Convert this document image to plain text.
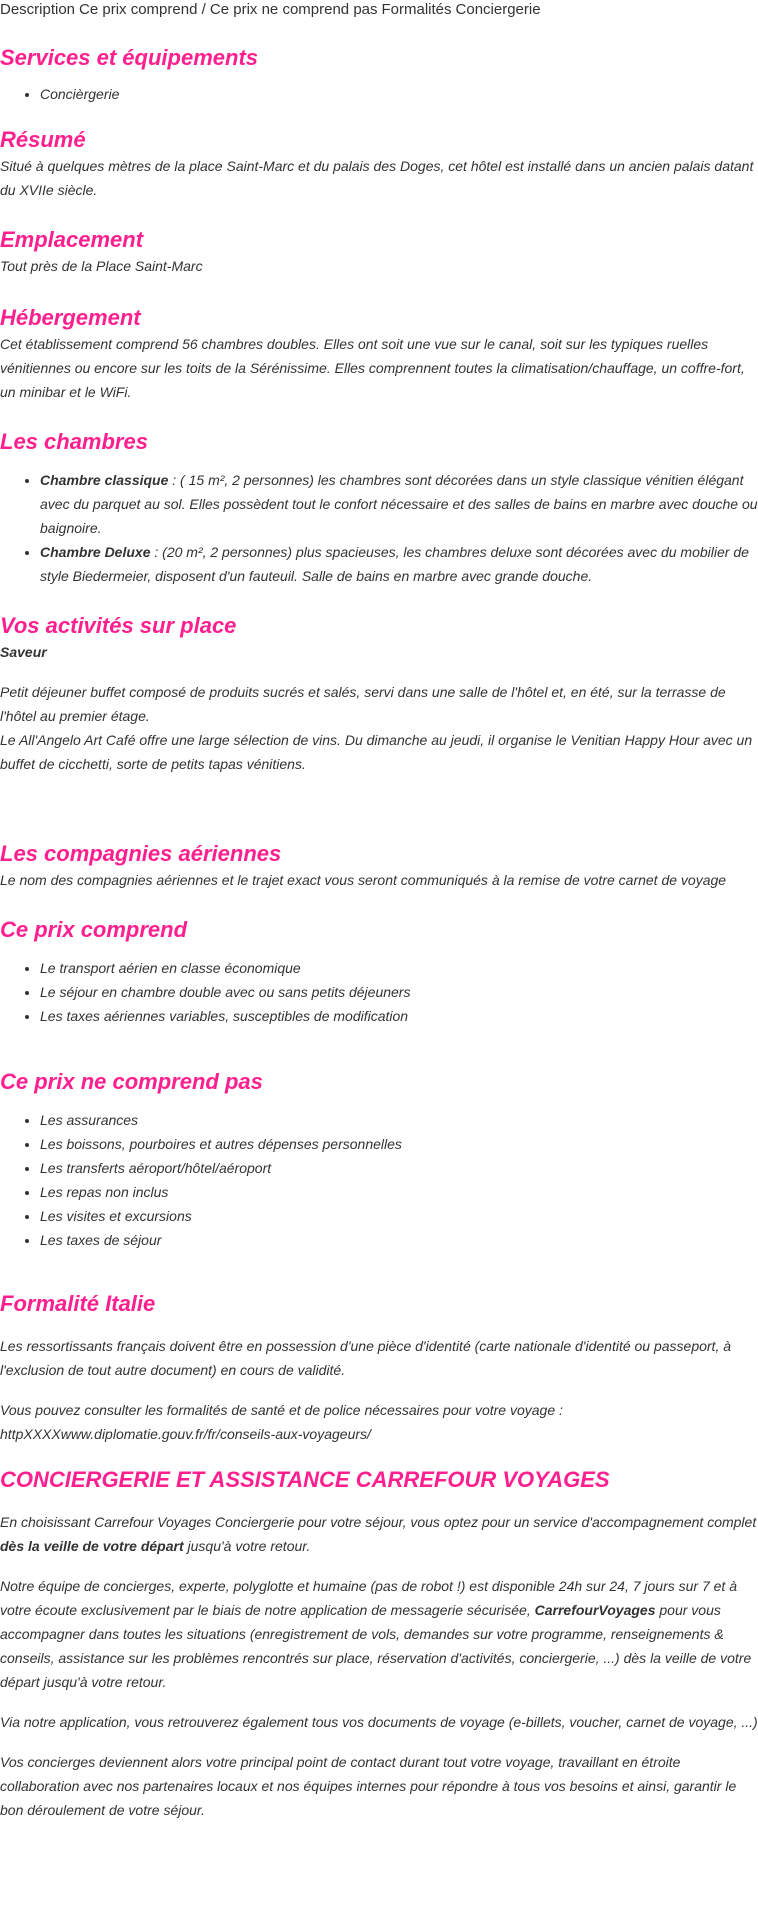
Description Ce prix comprend / Ce prix ne comprend pas Formalités Conciergerie
Services et équipements
• Concièrgerie
Résumé

Situé à quelques mètres de la place Saint-Marc et du palais des Doges, cet hôtel est installé dans un ancien palais datant du XVIIe siècle.

Emplacement

Tout près de la Place Saint-Marc

Hébergement

Cet établissement comprend 56 chambres doubles. Elles ont soit une vue sur le canal, soit sur les typiques ruelles vénitiennes ou encore sur les toits de la Sérénissime. Elles comprennent toutes la climatisation/chauffage, un coffre-fort, un minibar et le WiFi.

Les chambres
• Chambre classique : ( 15 m², 2 personnes) les chambres sont décorées dans un style classique vénitien élégant avec du parquet au sol. Elles possèdent tout le confort nécessaire et des salles de bains en marbre avec douche ou baignoire.
• Chambre Deluxe : (20 m², 2 personnes) plus spacieuses, les chambres deluxe sont décorées avec du mobilier de style Biedermeier, disposent d'un fauteuil. Salle de bains en marbre avec grande douche.
Vos activités sur place

Saveur

Petit déjeuner buffet composé de produits sucrés et salés, servi dans une salle de l'hôtel et, en été, sur la terrasse de l'hôtel au premier étage.

Le All'Angelo Art Café offre une large sélection de vins. Du dimanche au jeudi, il organise le Venitian Happy Hour avec un buffet de cicchetti, sorte de petits tapas vénitiens.

Les compagnies aériennes

Le nom des compagnies aériennes et le trajet exact vous seront communiqués à la remise de votre carnet de voyage

Ce prix comprend
• Le transport aérien en classe économique
• Le séjour en chambre double avec ou sans petits déjeuners
• Les taxes aériennes variables, susceptibles de modification
Ce prix ne comprend pas
• Les assurances
• Les boissons, pourboires et autres dépenses personnelles
• Les transferts aéroport/hôtel/aéroport
• Les repas non inclus
• Les visites et excursions
• Les taxes de séjour
Formalité Italie

Les ressortissants français doivent être en possession d'une pièce d'identité (carte nationale d'identité ou passeport, à l'exclusion de tout autre document) en cours de validité.

Vous pouvez consulter les formalités de santé et de police nécessaires pour votre voyage : httpXXXXwww.diplomatie.gouv.fr/fr/conseils-aux-voyageurs/

CONCIERGERIE ET ASSISTANCE CARREFOUR VOYAGES

En choisissant Carrefour Voyages Conciergerie pour votre séjour, vous optez pour un service d'accompagnement complet dès la veille de votre départ jusqu'à votre retour.

Notre équipe de concierges, experte, polyglotte et humaine (pas de robot !) est disponible 24h sur 24, 7 jours sur 7 et à votre écoute exclusivement par le biais de notre application de messagerie sécurisée, CarrefourVoyages pour vous accompagner dans toutes les situations (enregistrement de vols, demandes sur votre programme, renseignements & conseils, assistance sur les problèmes rencontrés sur place, réservation d'activités, conciergerie, ...) dès la veille de votre départ jusqu'à votre retour.

Via notre application, vous retrouverez également tous vos documents de voyage (e-billets, voucher, carnet de voyage, ...)

Vos concierges deviennent alors votre principal point de contact durant tout votre voyage, travaillant en étroite collaboration avec nos partenaires locaux et nos équipes internes pour répondre à tous vos besoins et ainsi, garantir le bon déroulement de votre séjour.
